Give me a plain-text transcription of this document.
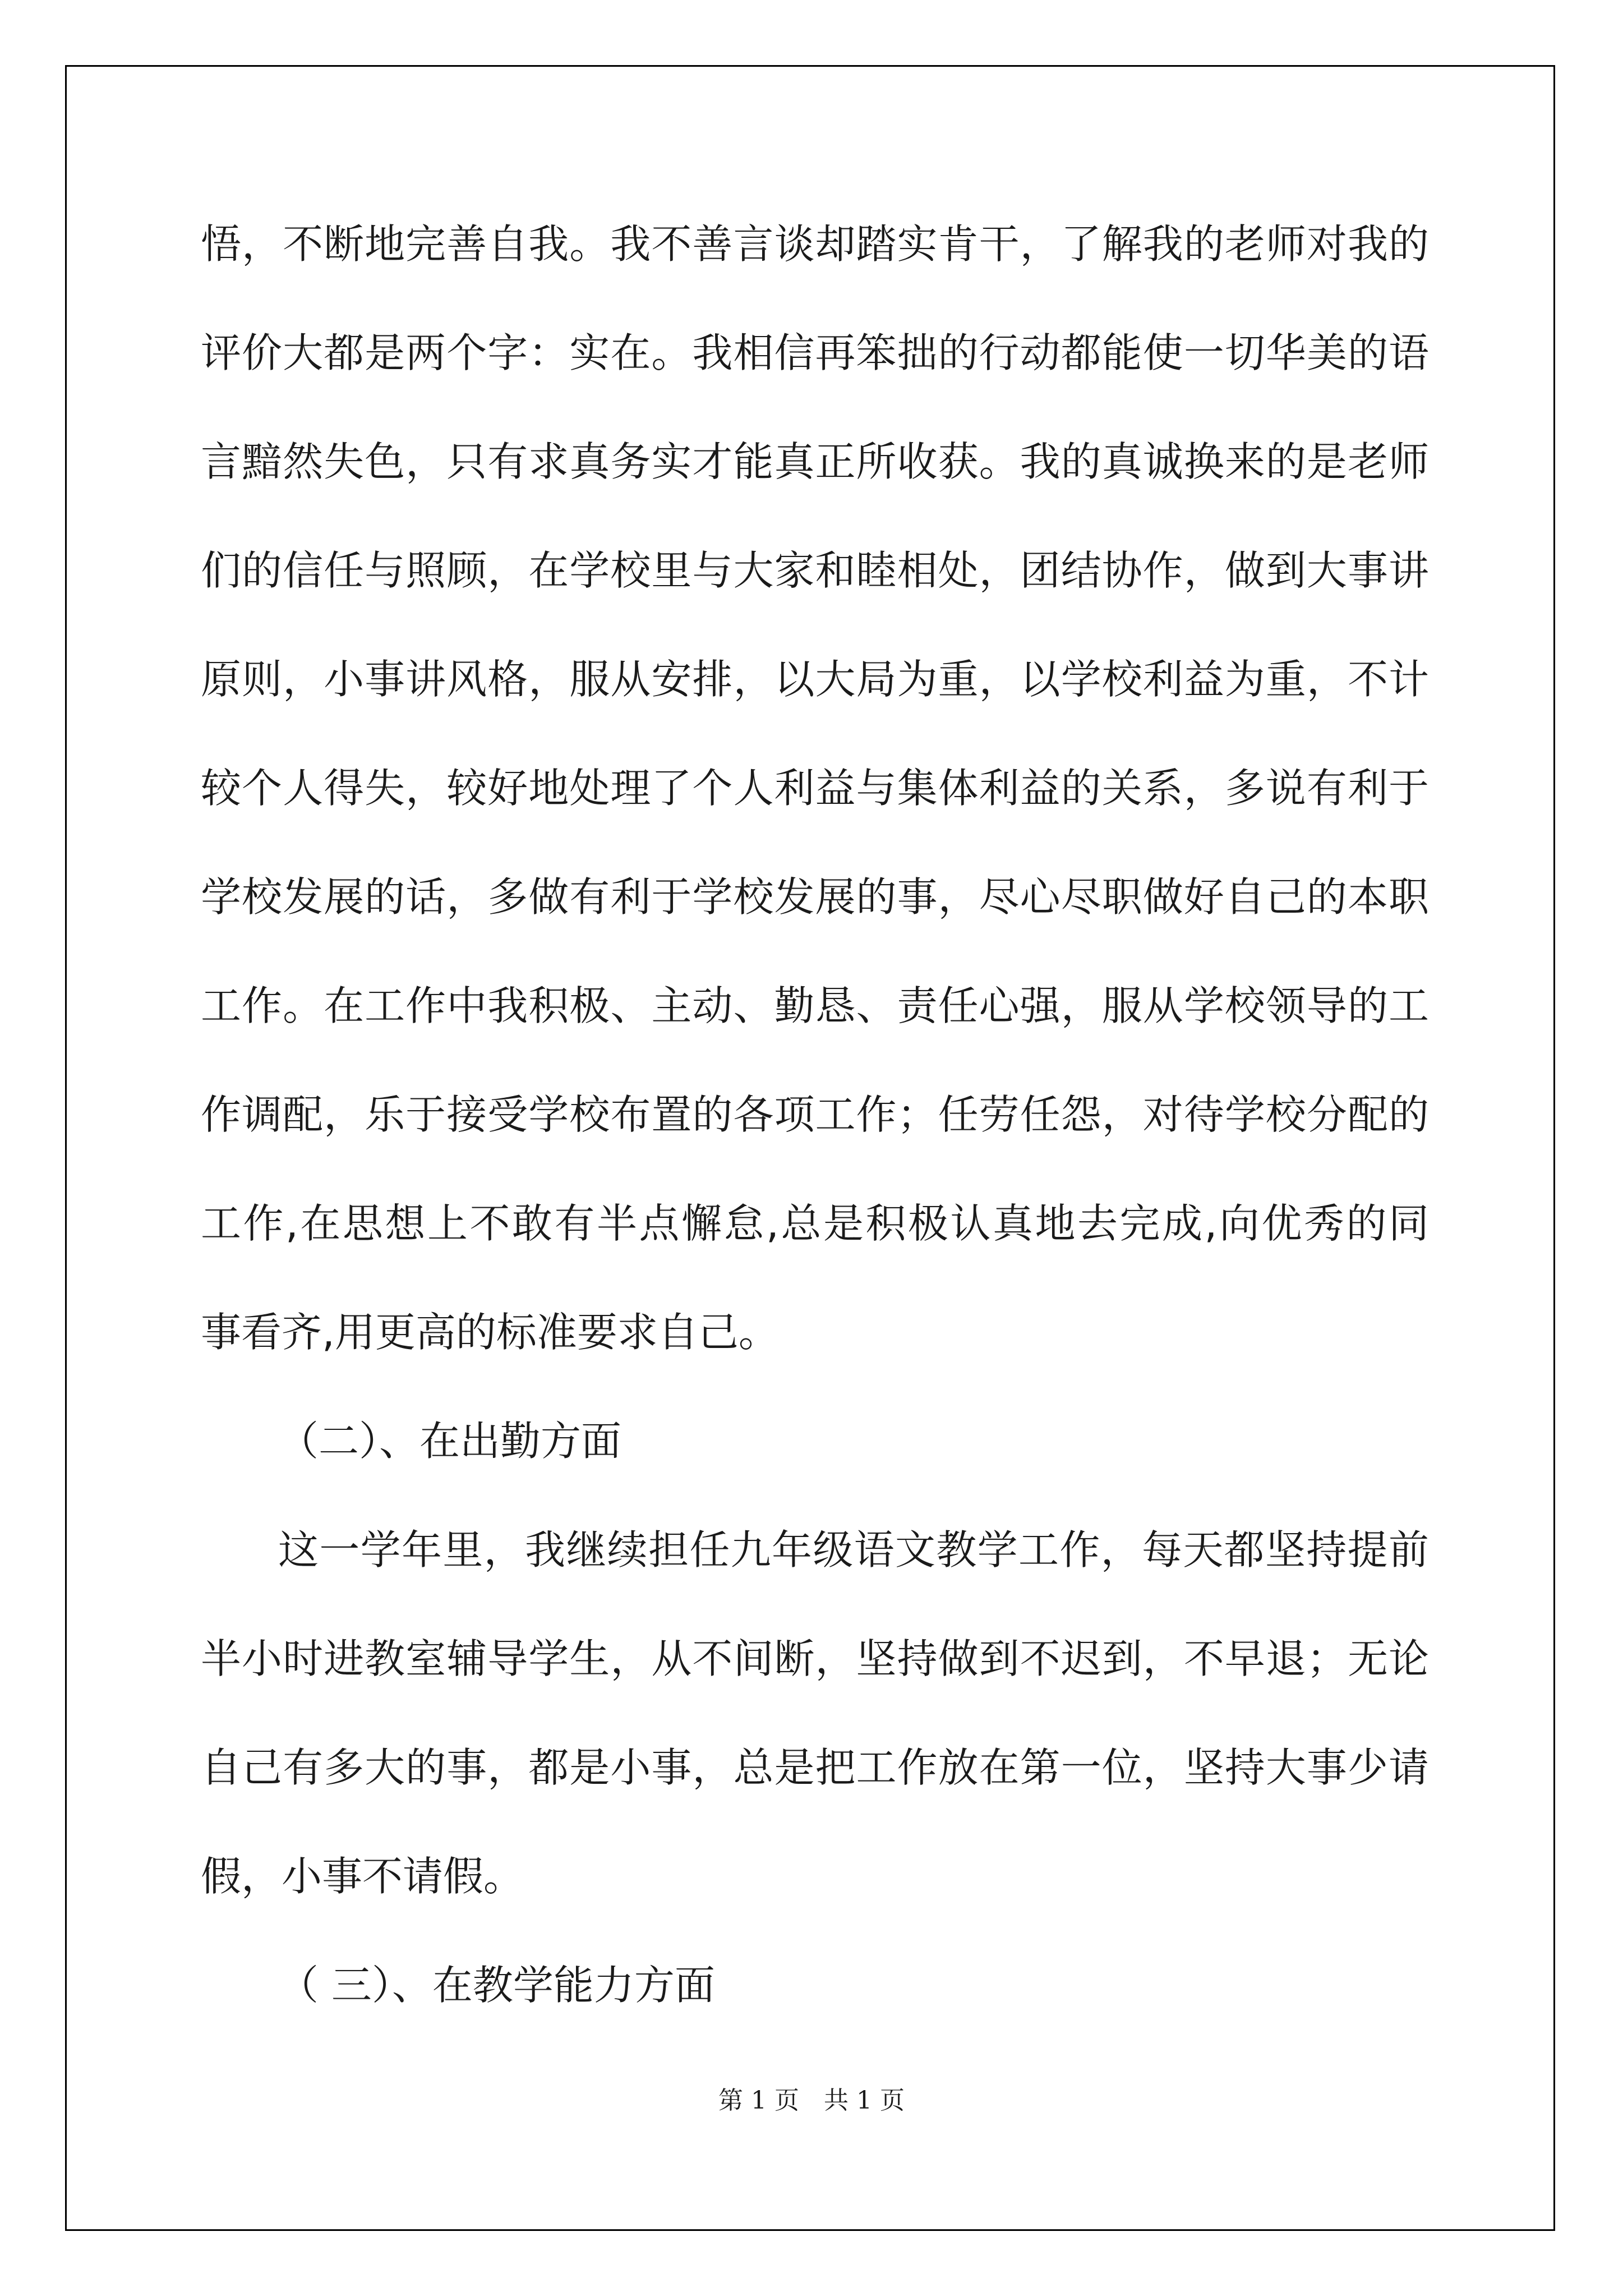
悟，不断地完善自我。我不善言谈却踏实肯干，了解我的老师对我的
评价大都是两个字：实在。我相信再笨拙的行动都能使一切华美的语
言黯然失色，只有求真务实才能真正所收获。我的真诚换来的是老师
们的信任与照顾，在学校里与大家和睦相处，团结协作，做到大事讲
原则，小事讲风格，服从安排，以大局为重，以学校利益为重，不计
较个人得失，较好地处理了个人利益与集体利益的关系，多说有利于
学校发展的话，多做有利于学校发展的事，尽心尽职做好自己的本职
工作。在工作中我积极、主动、勤恳、责任心强，服从学校领导的工
作调配，乐于接受学校布置的各项工作；任劳任怨，对待学校分配的
工作,在思想上不敢有半点懈怠,总是积极认真地去完成,向优秀的同
事看齐,用更高的标准要求自己。
（二）、在出勤方面
这一学年里，我继续担任九年级语文教学工作，每天都坚持提前
半小时进教室辅导学生，从不间断，坚持做到不迟到，不早退；无论
自己有多大的事，都是小事，总是把工作放在第一位，坚持大事少请
假，小事不请假。
（ 三）、在教学能力方面
第 1 页　共 1 页
